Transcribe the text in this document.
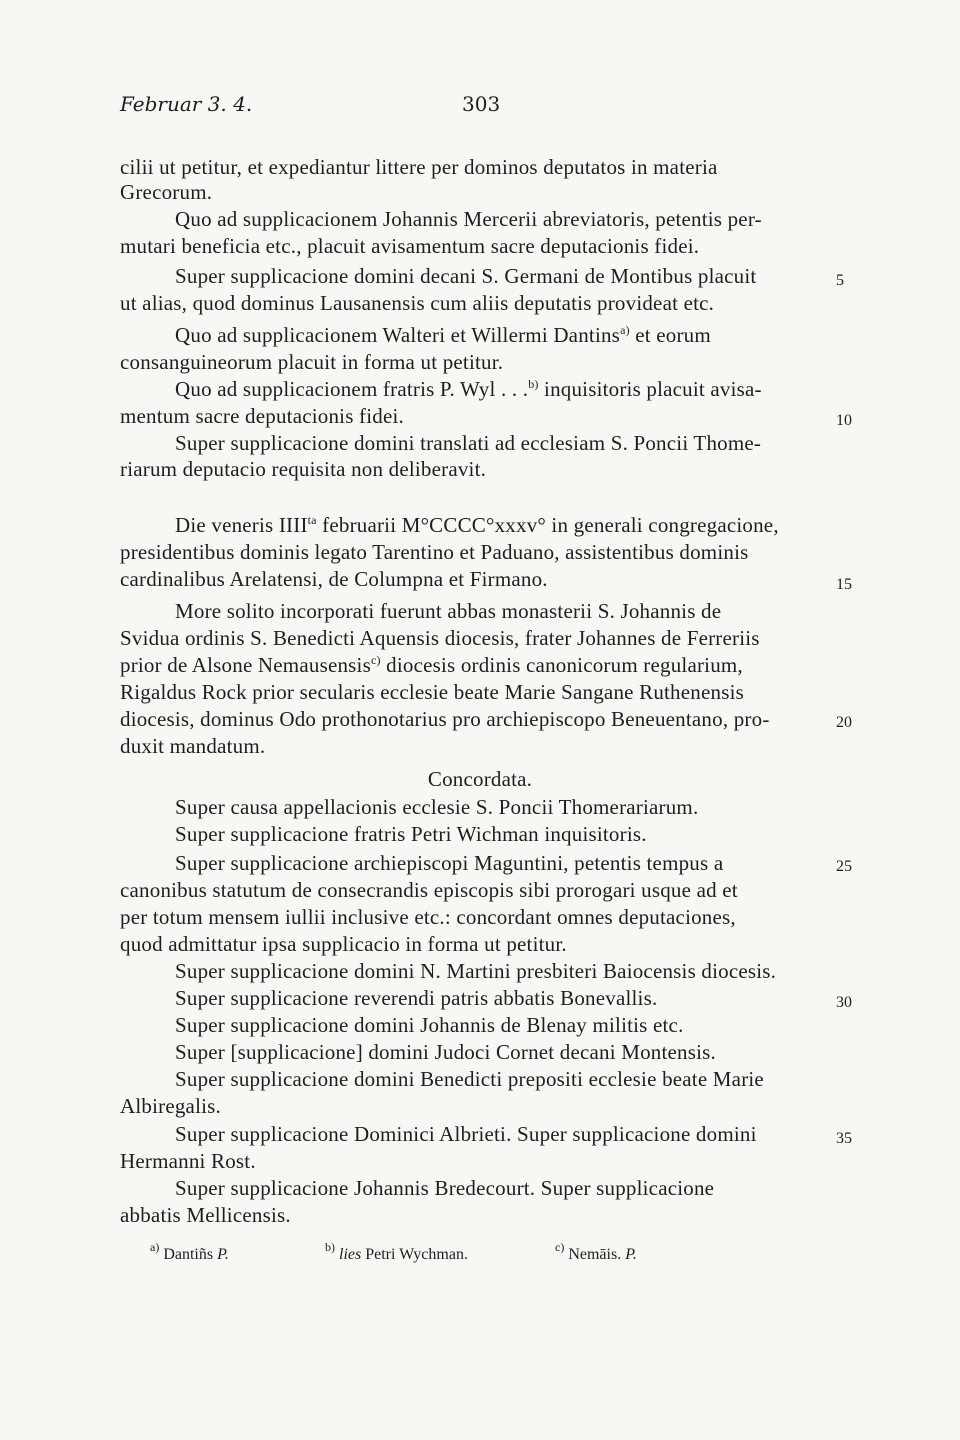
Februar 3. 4.	303
cilii ut petitur, et expediantur littere per dominos deputatos in materia
Grecorum.
Quo ad supplicacionem Johannis Mercerii abreviatoris, petentis per-
mutari beneficia etc., placuit avisamentum sacre deputacionis fidei.
Super supplicacione domini decani S. Germani de Montibus placuit	5
ut alias, quod dominus Lausanensis cum aliis deputatis provideat etc.
Quo ad supplicacionem Walteri et Willermi Dantins$^{a)}$ et eorum
consanguineorum placuit in forma ut petitur.
Quo ad supplicacionem fratris P. Wyl . . .$^{b)}$ inquisitoris placuit avisa-
mentum sacre deputacionis fidei.	10
Super supplicacione domini translati ad ecclesiam S. Poncii Thome-
riarum deputacio requisita non deliberavit.
Die veneris $IIII^{ta}$ februarii M°CCCC°xxxv° in generali congregacione,
presidentibus dominis legato Tarentino et Paduano, assistentibus dominis
cardinalibus Arelatensi, de Columpna et Firmano.	15
More solito incorporati fuerunt abbas monasterii S. Johannis de
Svidua ordinis S. Benedicti Aquensis diocesis, frater Johannes de Ferreriis
prior de Alsone Nemausensis$^{c)}$ diocesis ordinis canonicorum regularium,
Rigaldus Rock prior secularis ecclesie beate Marie Sangane Ruthenensis
diocesis, dominus Odo prothonotarius pro archiepiscopo Beneuentano, pro-	20
duxit mandatum.
Concordata.
Super causa appellacionis ecclesie S. Poncii Thomerariarum.
Super supplicacione fratris Petri Wichman inquisitoris.
Super supplicacione archiepiscopi Maguntini, petentis tempus a	25
canonibus statutum de consecrandis episcopis sibi prorogari usque ad et
per totum mensem iullii inclusive etc.: concordant omnes deputaciones,
quod admittatur ipsa supplicacio in forma ut petitur.
Super supplicacione domini N. Martini presbiteri Baiocensis diocesis.
Super supplicacione reverendi patris abbatis Bonevallis.	30
Super supplicacione domini Johannis de Blenay militis etc.
Super [supplicacione] domini Judoci Cornet decani Montensis.
Super supplicacione domini Benedicti prepositi ecclesie beate Marie
Albiregalis.
Super supplicacione Dominici Albrieti. Super supplicacione domini	35
Hermanni Rost.
Super supplicacione Johannis Bredecourt. Super supplicacione
abbatis Mellicensis.
$^{a)}$ Dantiñs P.	$^{b)}$ lies Petri Wychman.	$^{c)}$ Nemāis. P.
